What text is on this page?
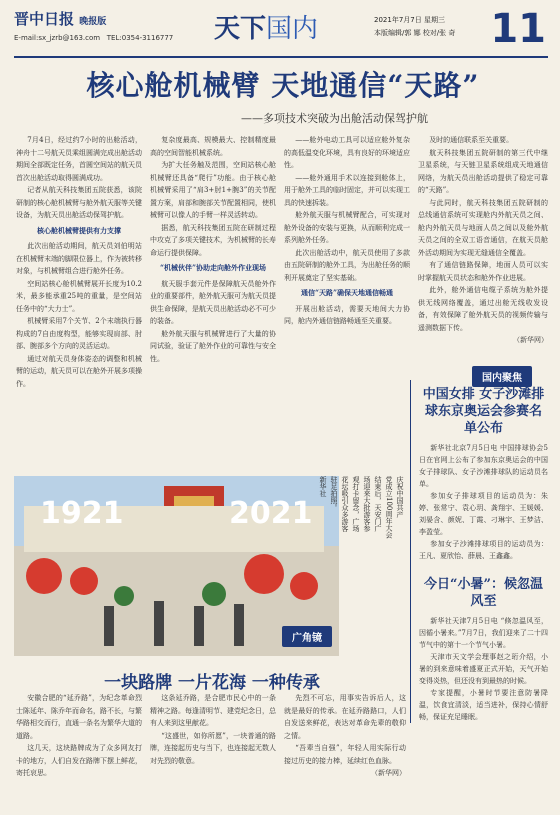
晋中日报 晚报版
E-mail:sx_jzrb@163.com TEL:0354-3116777 天下国内	2021年7月7日 星期三
本版编辑/郭 娜 校对/张 奇 11
核心舱机械臂 天地通信“天路”
——多项技术突破为出舱活动保驾护航

7月4日，经过约7小时的出舱活动，神舟十二号航天员乘组圆满完成出舱活动期间全部既定任务，首圆空间站的航天员首次出舱活动取得圆满成功。

记者从航天科技集团五院获悉，该院研制的核心舱机械臂与舱外航天服等关键设备，为航天员出舱活动保驾护航。

核心舱机械臂提供有力支撑

此次出舱活动期间，航天员刘伯明站在机械臂末端的脚限位器上，作为被转移对象，与机械臂组合进行舱外任务。

空间站核心舱机械臂展开长度为10.2米，最多能承重25吨的重量，是空间站任务中的“大力士”。

机械臂采用7个关节、2个末端执行器构成的7自由度构型，能够实现肩部、肘部、腕部多个方向的灵活运动。

通过对航天员身体姿态的调整和机械臂的运动，航天员可以在舱外开展多项操作。

复杂度最高、规模最大、控制精度最高的空间智能机械系统。

为扩大任务触及范围，空间站核心舱机械臂还具备“爬行”功能。由于核心舱机械臂采用了“肩3+肘1+腕3”的关节配置方案，肩部和腕部关节配置相同，使机械臂可以像人的手臂一样灵活转动。

据悉，航天科技集团五院在研制过程中攻克了多项关键技术，为机械臂的长寿命运行提供保障。

“机械伙伴”协助走向舱外作业现场

航天服手套元件是保障航天员舱外作业的重要部件，舱外航天服可为航天员提供生命保障，是航天员出舱活动必不可少的装备。

舱外航天服与机械臂进行了大量的协同试验，验证了舱外作业的可靠性与安全性。

——舱外电动工具可以适应舱外复杂的高低温变化环境，具有良好的环境适应性。

——舱外通用手术以连接到舱体上，用于舱外工具的临时固定，并可以实现工具的快速拆装。

舱外航天服与机械臂配合，可实现对舱外设备的安装与更换，从而顺利完成一系列舱外任务。

此次出舱活动中，航天员使用了多款由五院研制的舱外工具，为出舱任务的顺利开展奠定了坚实基础。

通信“天路”确保天地通信畅通

开展出舱活动，需要天地间大力协同，舱内外通信链路畅通至关重要。

及时的通信联系至关重要。

航天科技集团五院研制的第三代中继卫星系统，与天链卫星系统组成天地通信网络，为航天员出舱活动提供了稳定可靠的“天路”。

与此同时，航天科技集团五院研制的总线通信系统可实现舱内外航天员之间、舱内外航天员与地面人员之间以及舱外航天员之间的全双工语音通信，在航天员舱外活动期间为实现无缝通信全覆盖。

有了通信链路保障，地面人员可以实时掌握航天员状态和舱外作业进展。

此外，舱外通信电缆子系统为舱外提供无线网络覆盖，通过出舱无线收发设备，有效保障了舱外航天员的视频传输与遥测数据下传。

（新华网）

国内聚焦
1921	2021
广角镜
庆祝中国共产
党成立100周年大会
结束后，天安门广
场迎来大批游客参
观打卡留念，广场
花坛吸引众多游客
驻足拍照。
新华社
一块路牌 一片花海 一种传承

安徽合肥的“延乔路”，为纪念革命烈士陈延年、陈乔年而命名，路不长，与繁华路相交而行，直通一条名为繁华大道的道路。

这几天，这块路牌成为了众多网友打卡的地方，人们自发在路牌下摆上鲜花，寄托哀思。

这条延乔路，是合肥市民心中的一条精神之路。每逢清明节、建党纪念日，总有人来到这里献花。

“这盛世，如你所愿”，一块普通的路牌，连接起历史与当下，也连接起无数人对先烈的敬意。

先烈不可忘，用事实告诉后人，这就是最好的传承。在延乔路路口，人们自发送来鲜花，表达对革命先辈的敬仰之情。

“吾辈当自强”，年轻人用实际行动接过历史的接力棒，延续红色血脉。

（新华网）

中国女排 女子沙滩排球东京奥运会参赛名单公布

新华社北京7月5日电 中国排球协会5日在官网上公布了参加东京奥运会的中国女子排球队、女子沙滩排球队的运动员名单。

参加女子排球项目的运动员为：朱婷、张常宁、袁心玥、龚翔宇、王媛媛、刘晏含、颜妮、丁霞、刁琳宇、王梦洁、李盈莹。

参加女子沙滩排球项目的运动员为：王凡、夏欣怡、薛晨、王鑫鑫。

今日“小暑”：候忽温风至

新华社天津7月5日电 “倏忽温风至，因循小暑来。”7月7日，我们迎来了二十四节气中的第十一个节气小暑。

天津市天文学会理事赵之珩介绍，小暑的到来意味着盛夏正式开始，天气开始变得炎热，但还没有到最热的时候。

专家提醒，小暑时节要注意防暑降温，饮食宜清淡，适当进补，保持心情舒畅，保证充足睡眠。
